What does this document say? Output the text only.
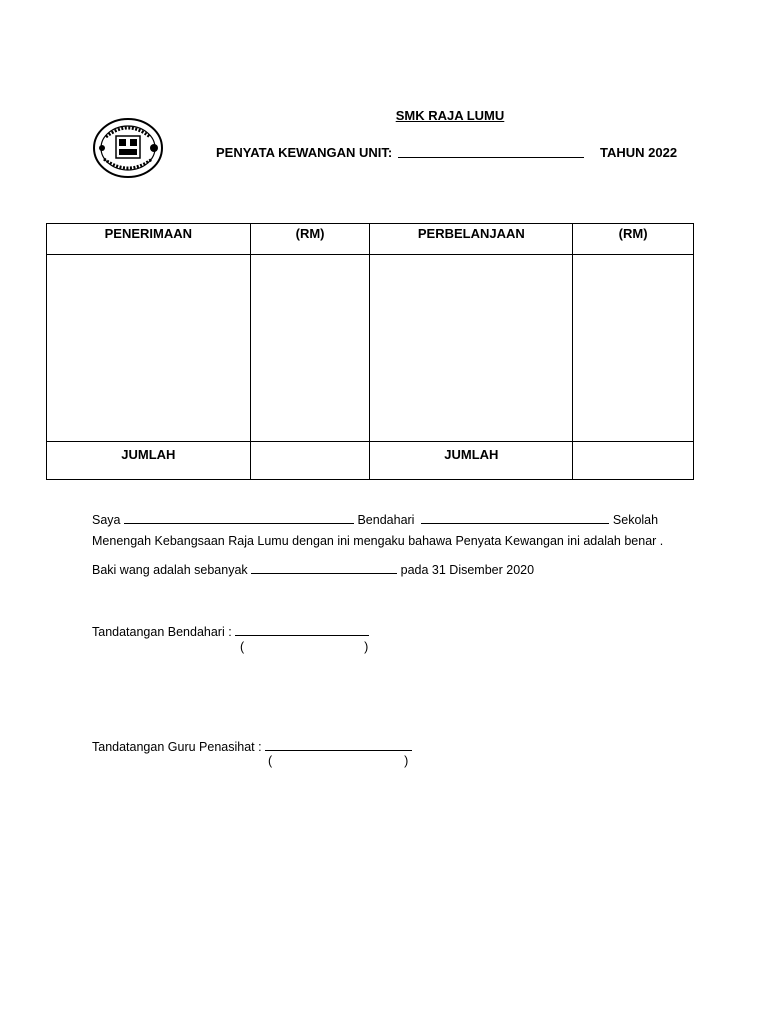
SMK RAJA LUMU
PENYATA KEWANGAN UNIT:	TAHUN 2022
PENERIMAAN	(RM)	PERBELANJAAN	(RM)

JUMLAH		JUMLAH	
Saya	Bendahari	Sekolah
Menengah Kebangsaan Raja Lumu dengan ini mengaku bahawa Penyata Kewangan ini adalah benar .
Baki wang adalah sebanyak	pada 31 Disember 2020
Tandatangan Bendahari :
(	)
Tandatangan Guru Penasihat :
(	)
